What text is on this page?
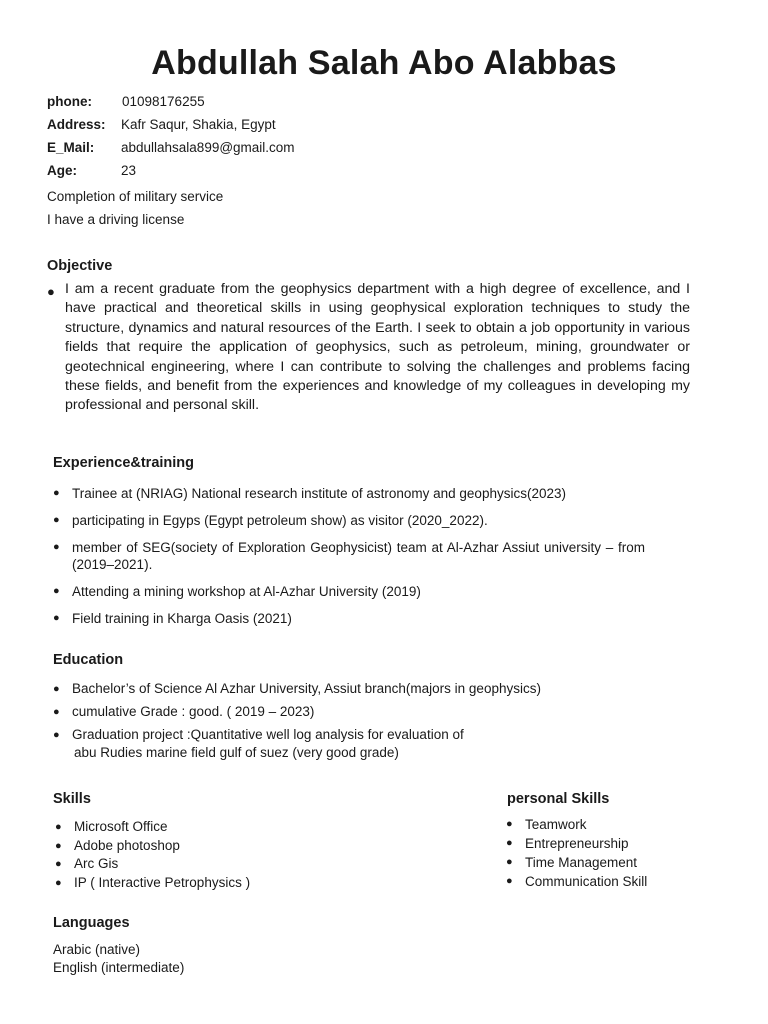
Abdullah Salah Abo Alabbas
phone: 01098176255
Address: Kafr Saqur, Shakia, Egypt
E_Mail: abdullahsala899@gmail.com
Age:	23
Completion of military service
I have a driving license
Objective
● I am a recent graduate from the geophysics department with a high degree of excellence, and I have practical and theoretical skills in using geophysical exploration techniques to study the structure, dynamics and natural resources of the Earth. I seek to obtain a job opportunity in various fields that require the application of geophysics, such as petroleum, mining, groundwater or geotechnical engineering, where I can contribute to solving the challenges and problems facing these fields, and benefit from the experiences and knowledge of my colleagues in developing my professional and personal skill.

Experience&training
● Trainee at (NRIAG) National research institute of astronomy and geophysics(2023)
● participating in Egyps (Egypt petroleum show) as visitor (2020_2022).
● member of SEG(society of Exploration Geophysicist) team at Al-Azhar Assiut university – from (2019–2021).
● Attending a mining workshop at Al-Azhar University (2019)
● Field training in Kharga Oasis (2021)
Education
● Bachelor’s of Science Al Azhar University, Assiut branch(majors in geophysics)
● cumulative Grade : good. ( 2019 – 2023)
● Graduation project :Quantitative well log analysis for evaluation of
abu Rudies marine field gulf of suez (very good grade)
Skills
● Microsoft Office
● Adobe photoshop
● Arc Gis
● IP ( Interactive Petrophysics )
personal Skills
● Teamwork
● Entrepreneurship
● Time Management
● Communication Skill
Languages
Arabic (native)
English (intermediate)
